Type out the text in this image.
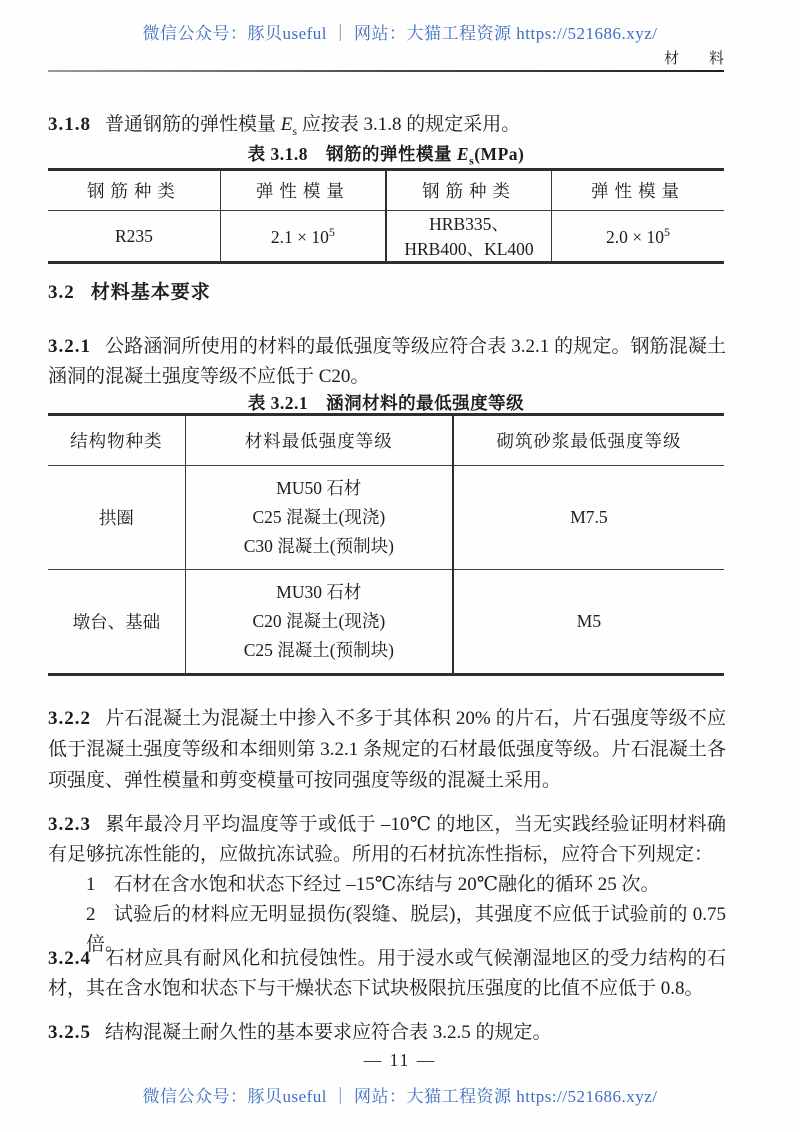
微信公众号：豚贝useful ｜ 网站：大猫工程资源 https://521686.xyz/
材　　料

3.1.8 普通钢筋的弹性模量 $E_s$ 应按表 3.1.8 的规定采用。

表 3.1.8　钢筋的弹性模量 $E_s(MPa)$
钢筋种类	弹性模量	钢筋种类	弹性模量
R235	$2.1 \times 10^5$	HRB335、HRB400、KL400	$2.0 \times 10^5$

3.2 材料基本要求

3.2.1 公路涵洞所使用的材料的最低强度等级应符合表 3.2.1 的规定。钢筋混凝土涵洞的混凝土强度等级不应低于 C20。

表 3.2.1　涵洞材料的最低强度等级
结构物种类	材料最低强度等级	砌筑砂浆最低强度等级
拱圈	MU50 石材
C25 混凝土(现浇)
C30 混凝土(预制块)	M7.5
墩台、基础	MU30 石材
C20 混凝土(现浇)
C25 混凝土(预制块)	M5

3.2.2 片石混凝土为混凝土中掺入不多于其体积 20% 的片石，片石强度等级不应低于混凝土强度等级和本细则第 3.2.1 条规定的石材最低强度等级。片石混凝土各项强度、弹性模量和剪变模量可按同强度等级的混凝土采用。

3.2.3 累年最冷月平均温度等于或低于 –10℃ 的地区，当无实践经验证明材料确有足够抗冻性能的，应做抗冻试验。所用的石材抗冻性指标，应符合下列规定：

1 石材在含水饱和状态下经过 –15℃冻结与 20℃融化的循环 25 次。

2 试验后的材料应无明显损伤(裂缝、脱层)，其强度不应低于试验前的 0.75 倍。

3.2.4 石材应具有耐风化和抗侵蚀性。用于浸水或气候潮湿地区的受力结构的石材，其在含水饱和状态下与干燥状态下试块极限抗压强度的比值不应低于 0.8。

3.2.5 结构混凝土耐久性的基本要求应符合表 3.2.5 的规定。

— 11 —
微信公众号：豚贝useful ｜ 网站：大猫工程资源 https://521686.xyz/
